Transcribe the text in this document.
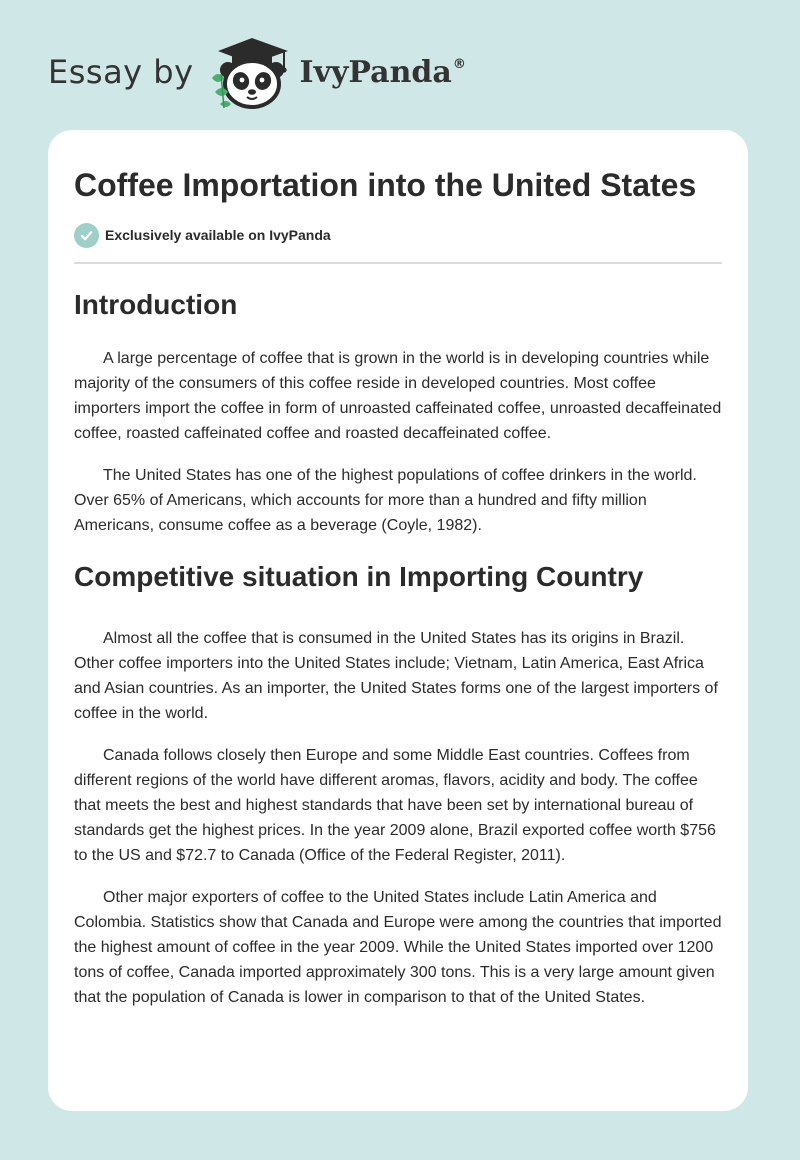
Essay by	IvyPanda®
Coffee Importation into the United States
Exclusively available on IvyPanda
Introduction

A large percentage of coffee that is grown in the world is in developing countries while majority of the consumers of this coffee reside in developed countries. Most coffee importers import the coffee in form of unroasted caffeinated coffee, unroasted decaffeinated coffee, roasted caffeinated coffee and roasted decaffeinated coffee.

The United States has one of the highest populations of coffee drinkers in the world. Over 65% of Americans, which accounts for more than a hundred and fifty million Americans, consume coffee as a beverage (Coyle, 1982).

Competitive situation in Importing Country

Almost all the coffee that is consumed in the United States has its origins in Brazil. Other coffee importers into the United States include; Vietnam, Latin America, East Africa and Asian countries. As an importer, the United States forms one of the largest importers of coffee in the world.

Canada follows closely then Europe and some Middle East countries. Coffees from different regions of the world have different aromas, flavors, acidity and body. The coffee that meets the best and highest standards that have been set by international bureau of standards get the highest prices. In the year 2009 alone, Brazil exported coffee worth $756 to the US and $72.7 to Canada (Office of the Federal Register, 2011).

Other major exporters of coffee to the United States include Latin America and Colombia. Statistics show that Canada and Europe were among the countries that imported the highest amount of coffee in the year 2009. While the United States imported over 1200 tons of coffee, Canada imported approximately 300 tons. This is a very large amount given that the population of Canada is lower in comparison to that of the United States.
